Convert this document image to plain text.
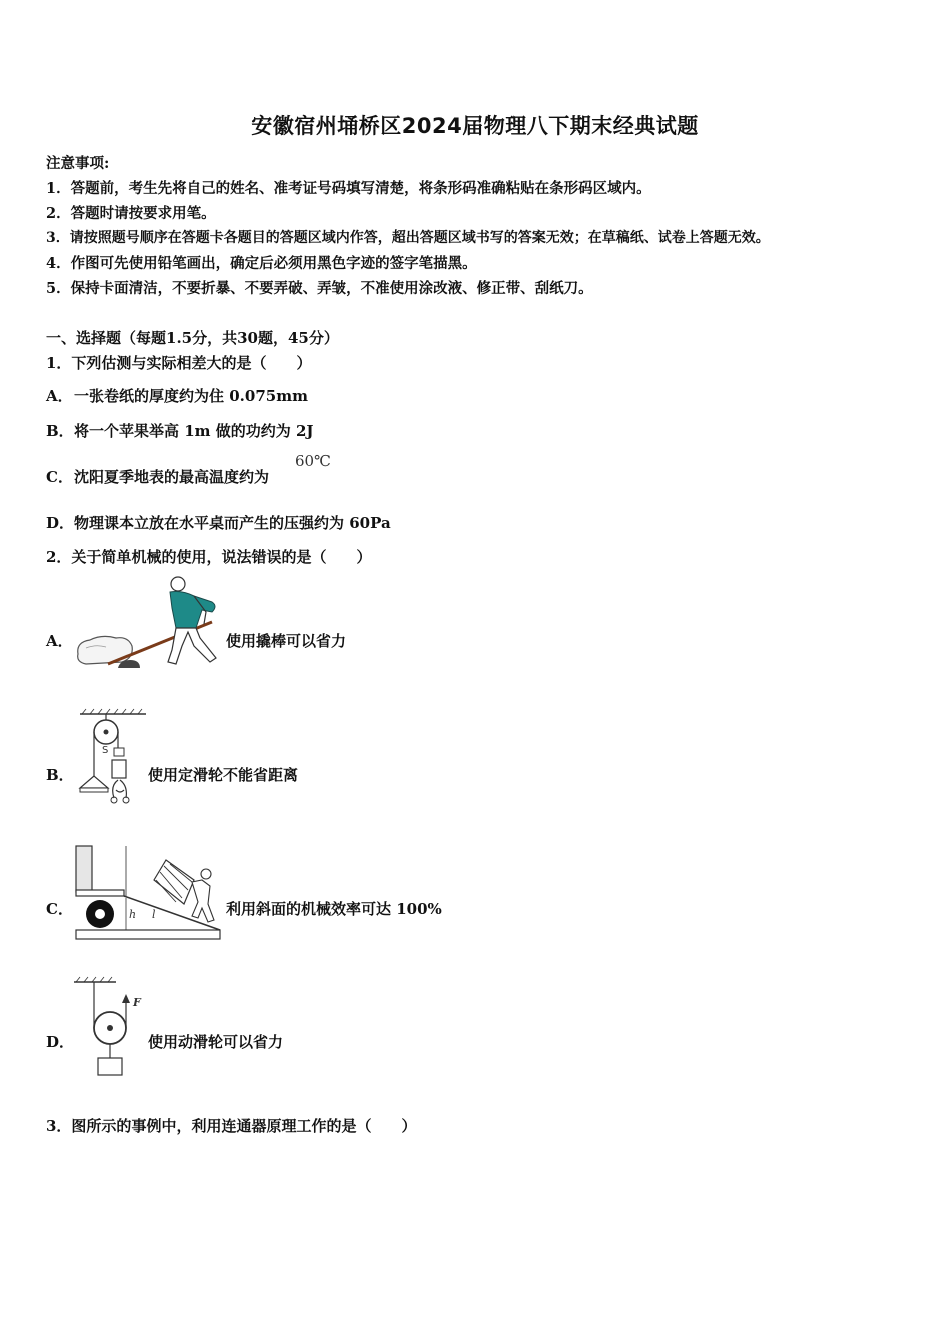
安徽宿州埇桥区2024届物理八下期末经典试题
注意事项:
1．答题前，考生先将自己的姓名、准考证号码填写清楚，将条形码准确粘贴在条形码区域内。
2．答题时请按要求用笔。
3．请按照题号顺序在答题卡各题目的答题区域内作答，超出答题区域书写的答案无效；在草稿纸、试卷上答题无效。
4．作图可先使用铅笔画出，确定后必须用黑色字迹的签字笔描黑。
5．保持卡面清洁，不要折暴、不要弄破、弄皱，不准使用涂改液、修正带、刮纸刀。
一、选择题（每题1.5分，共30题，45分）
1．下列估测与实际相差大的是（　　）
A． 一张卷纸的厚度约为住 0.075mm
B． 将一个苹果举高 1m 做的功约为 2J
C． 沈阳夏季地表的最高温度约为
60℃
D． 物理课本立放在水平桌而产生的压强约为 60Pa
2．关于简单机械的使用，说法错误的是（　　）
A．	使用撬棒可以省力
B．
S
使用定滑轮不能省距离
C．	h l	利用斜面的机械效率可达 100%
D．
F
使用动滑轮可以省力
3．图所示的事例中，利用连通器原理工作的是（　　）
